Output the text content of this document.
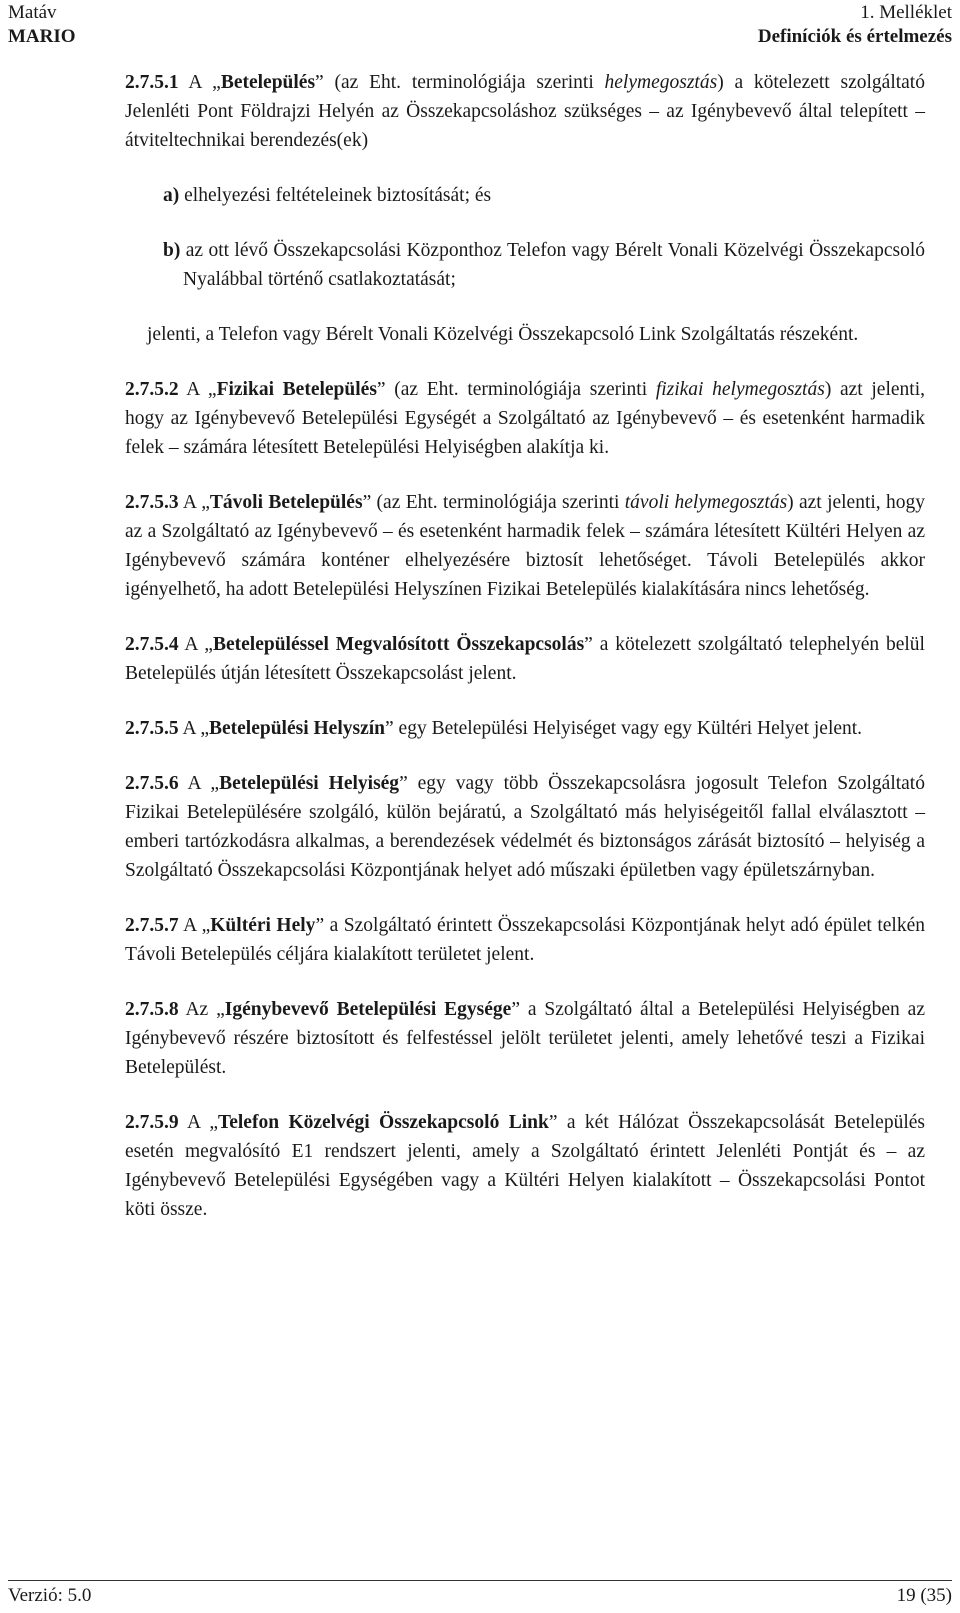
Matáv	1. Melléklet
MARIO	Definíciók és értelmezés

2.7.5.1 A „Betelepülés” (az Eht. terminológiája szerinti helymegosztás) a kötelezett szolgáltató Jelenléti Pont Földrajzi Helyén az Összekapcsoláshoz szükséges – az Igénybevevő által telepített – átviteltechnikai berendezés(ek)

a) elhelyezési feltételeinek biztosítását; és

b) az ott lévő Összekapcsolási Központhoz Telefon vagy Bérelt Vonali Közelvégi Összekapcsoló Nyalábbal történő csatlakoztatását;

jelenti, a Telefon vagy Bérelt Vonali Közelvégi Összekapcsoló Link Szolgáltatás részeként.

2.7.5.2 A „Fizikai Betelepülés” (az Eht. terminológiája szerinti fizikai helymegosztás) azt jelenti, hogy az Igénybevevő Betelepülési Egységét a Szolgáltató az Igénybevevő – és esetenként harmadik felek – számára létesített Betelepülési Helyiségben alakítja ki.

2.7.5.3 A „Távoli Betelepülés” (az Eht. terminológiája szerinti távoli helymegosztás) azt jelenti, hogy az a Szolgáltató az Igénybevevő – és esetenként harmadik felek – számára létesített Kültéri Helyen az Igénybevevő számára konténer elhelyezésére biztosít lehetőséget. Távoli Betelepülés akkor igényelhető, ha adott Betelepülési Helyszínen Fizikai Betelepülés kialakítására nincs lehetőség.

2.7.5.4 A „Betelepüléssel Megvalósított Összekapcsolás” a kötelezett szolgáltató telephelyén belül Betelepülés útján létesített Összekapcsolást jelent.

2.7.5.5 A „Betelepülési Helyszín” egy Betelepülési Helyiséget vagy egy Kültéri Helyet jelent.

2.7.5.6 A „Betelepülési Helyiség” egy vagy több Összekapcsolásra jogosult Telefon Szolgáltató Fizikai Betelepülésére szolgáló, külön bejáratú, a Szolgáltató más helyiségeitől fallal elválasztott – emberi tartózkodásra alkalmas, a berendezések védelmét és biztonságos zárását biztosító – helyiség a Szolgáltató Összekapcsolási Központjának helyet adó műszaki épületben vagy épületszárnyban.

2.7.5.7 A „Kültéri Hely” a Szolgáltató érintett Összekapcsolási Központjának helyt adó épület telkén Távoli Betelepülés céljára kialakított területet jelent.

2.7.5.8 Az „Igénybevevő Betelepülési Egysége” a Szolgáltató által a Betelepülési Helyiségben az Igénybevevő részére biztosított és felfestéssel jelölt területet jelenti, amely lehetővé teszi a Fizikai Betelepülést.

2.7.5.9 A „Telefon Közelvégi Összekapcsoló Link” a két Hálózat Összekapcsolását Betelepülés esetén megvalósító E1 rendszert jelenti, amely a Szolgáltató érintett Jelenléti Pontját és – az Igénybevevő Betelepülési Egységében vagy a Kültéri Helyen kialakított – Összekapcsolási Pontot köti össze.

Verzió: 5.0	19 (35)
